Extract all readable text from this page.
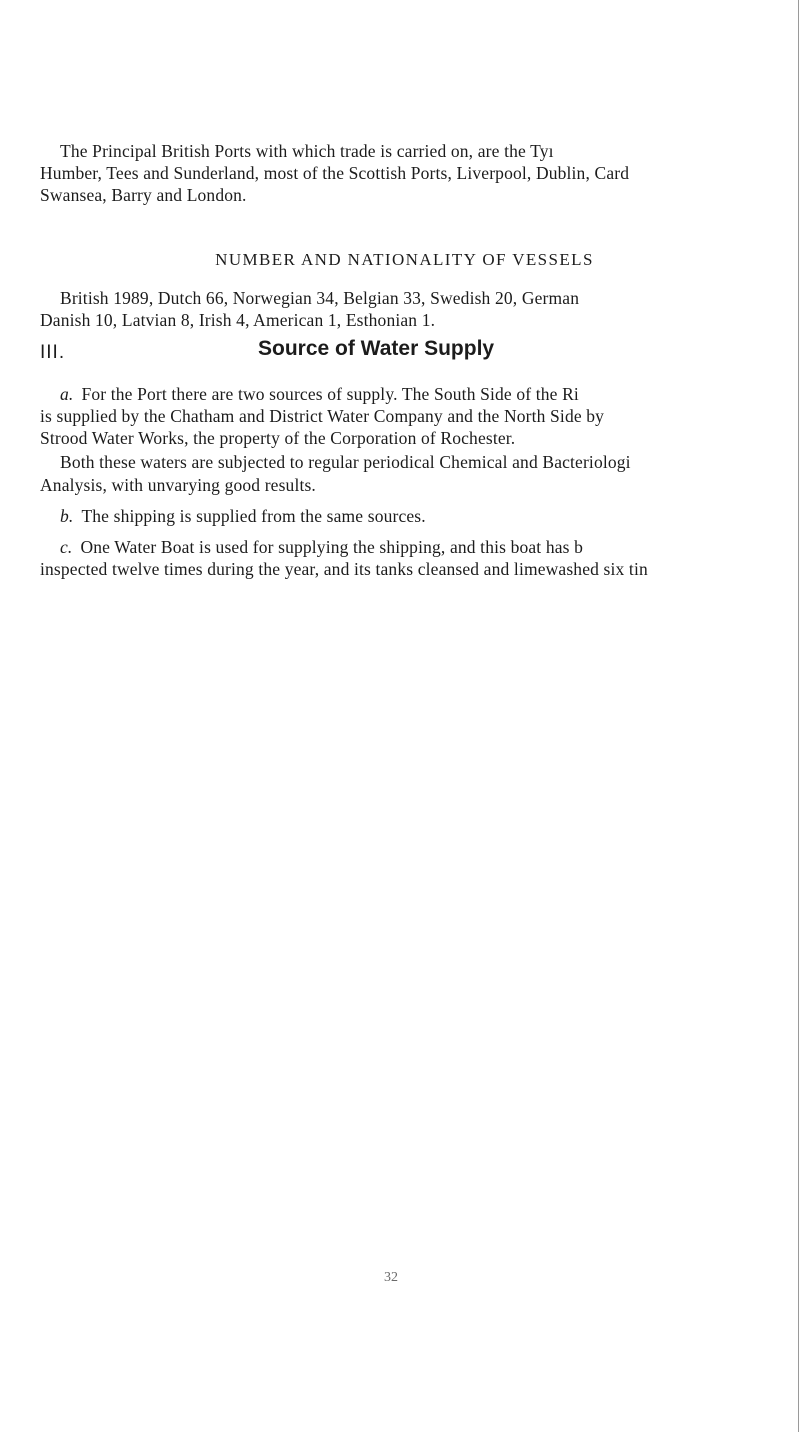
The Principal British Ports with which trade is carried on, are the Tyı
Humber, Tees and Sunderland, most of the Scottish Ports, Liverpool, Dublin, Card
Swansea, Barry and London.
NUMBER AND NATIONALITY OF VESSELS
British 1989, Dutch 66, Norwegian 34, Belgian 33, Swedish 20, German
Danish 10, Latvian 8, Irish 4, American 1, Esthonian 1.
III.	Source of Water Supply
a. For the Port there are two sources of supply. The South Side of the Ri
is supplied by the Chatham and District Water Company and the North Side by
Strood Water Works, the property of the Corporation of Rochester.
Both these waters are subjected to regular periodical Chemical and Bacteriologi
Analysis, with unvarying good results.
b. The shipping is supplied from the same sources.
c. One Water Boat is used for supplying the shipping, and this boat has b
inspected twelve times during the year, and its tanks cleansed and limewashed six tin
32
